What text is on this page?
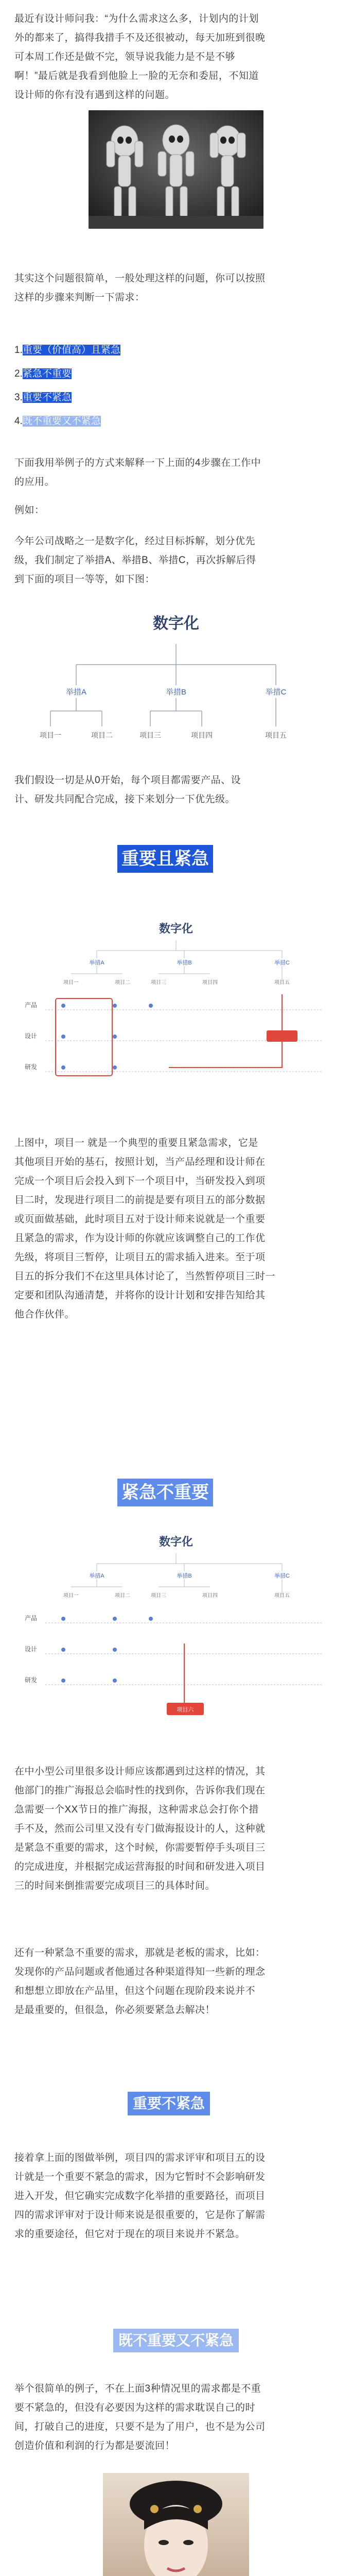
最近有设计师问我：“为什么需求这么多，计划内的计划
外的都来了，搞得我措手不及还很被动，每天加班到很晚
可本周工作还是做不完，领导说我能力是不是不够
啊！”最后就是我看到他脸上一脸的无奈和委屈，不知道
设计师的你有没有遇到这样的问题。
其实这个问题很简单，一般处理这样的问题，你可以按照
这样的步骤来判断一下需求：
1.重要（价值高）且紧急
2.紧急不重要
3.重要不紧急
4.既不重要又不紧急
下面我用举例子的方式来解释一下上面的4步骤在工作中
的应用。
例如：
今年公司战略之一是数字化，经过目标拆解，划分优先
级，我们制定了举措A、举措B、举措C，再次拆解后得
到下面的项目一等等，如下图：
数字化
举措A	举措B	举措C
项目一	项目二	项目三	项目四	项目五
我们假设一切是从0开始，每个项目都需要产品、设
计、研发共同配合完成，接下来划分一下优先级。
重要且紧急
数字化
举措A	举措B	举措C
项目一	项目二	项目三	项目四	项目五
产品
设计
研发
上图中，项目一 就是一个典型的重要且紧急需求，它是
其他项目开始的基石，按照计划，当产品经理和设计师在
完成一个项目后会投入到下一个项目中，当研发投入到项
目二时，发现进行项目二的前提是要有项目五的部分数据
或页面做基础，此时项目五对于设计师来说就是一个重要
且紧急的需求，作为设计师的你就应该调整自己的工作优
先级，将项目三暂停，让项目五的需求插入进来。至于项
目五的拆分我们不在这里具体讨论了，当然暂停项目三时一
定要和团队沟通清楚，并将你的设计计划和安排告知给其
他合作伙伴。
紧急不重要
数字化
举措A	举措B	举措C
项目一	项目二	项目三	项目四	项目五
产品
设计
研发
项目六
在中小型公司里很多设计师应该都遇到过这样的情况，其
他部门的推广海报总会临时性的找到你，告诉你我们现在
急需要一个XX节日的推广海报，这种需求总会打你个措
手不及，然而公司里又没有专门做海报设计的人，这种就
是紧急不重要的需求，这个时候，你需要暂停手头项目三
的完成进度，并根据完成运营海报的时间和研发进入项目
三的时间来倒推需要完成项目三的具体时间。
还有一种紧急不重要的需求，那就是老板的需求，比如：
发现你的产品问题或者他通过各种渠道得知一些新的理念
和想想立即放在产品里，但这个问题在现阶段来说并不
是最重要的，但很急，你必须要紧急去解决！
重要不紧急
接着拿上面的图做举例，项目四的需求评审和项目五的设
计就是一个重要不紧急的需求，因为它暂时不会影响研发
进入开发，但它确实完成数字化举措的重要路径，而项目
四的需求评审对于设计师来说是很重要的，它是你了解需
求的重要途径，但它对于现在的项目来说并不紧急。
既不重要又不紧急
举个很简单的例子，不在上面3种情况里的需求都是不重
要不紧急的，但没有必要因为这样的需求耽误自己的时
间，打破自己的进度，只要不是为了用户，也不是为公司
创造价值和利润的行为都是要流回！
